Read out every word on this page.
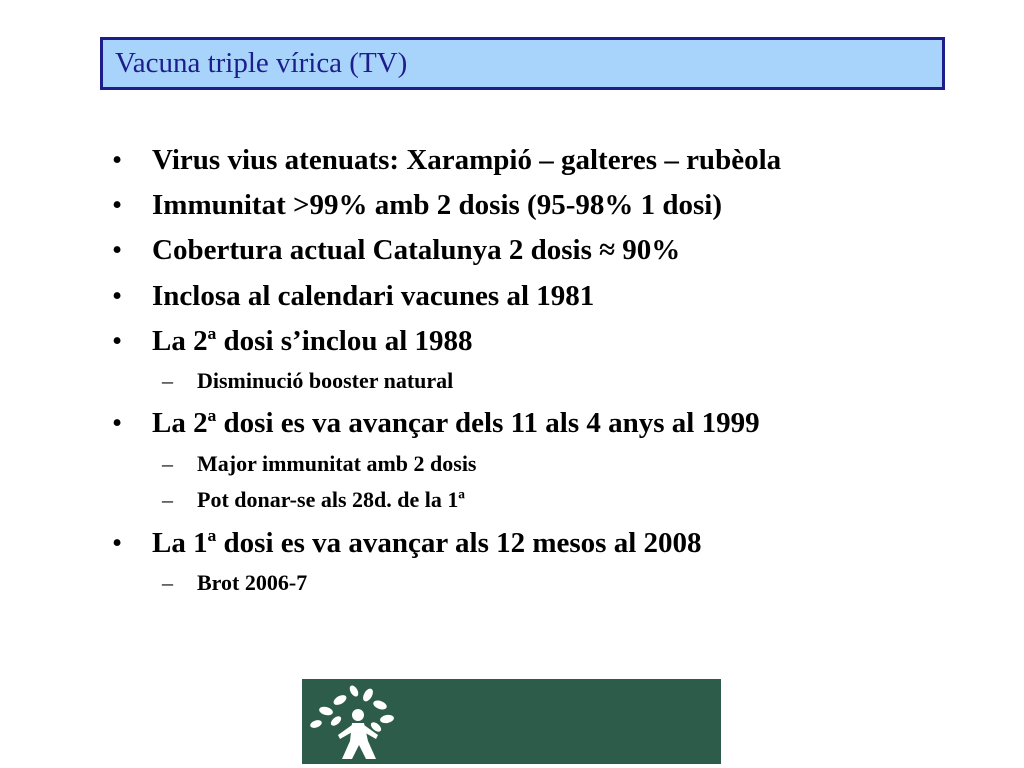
Vacuna triple vírica (TV)
• Virus vius atenuats: Xarampió – galteres – rubèola
• Immunitat >99% amb 2 dosis (95-98% 1 dosi)
• Cobertura actual Catalunya 2 dosis ≈ 90%
• Inclosa al calendari vacunes al 1981
• La 2ª dosi s’inclou al 1988
– Disminució booster natural
• La 2ª dosi es va avançar dels 11 als 4 anys al 1999
– Major immunitat amb 2 dosis
– Pot donar-se als 28d. de la 1ª
• La 1ª dosi es va avançar als 12 mesos al 2008
– Brot 2006-7
